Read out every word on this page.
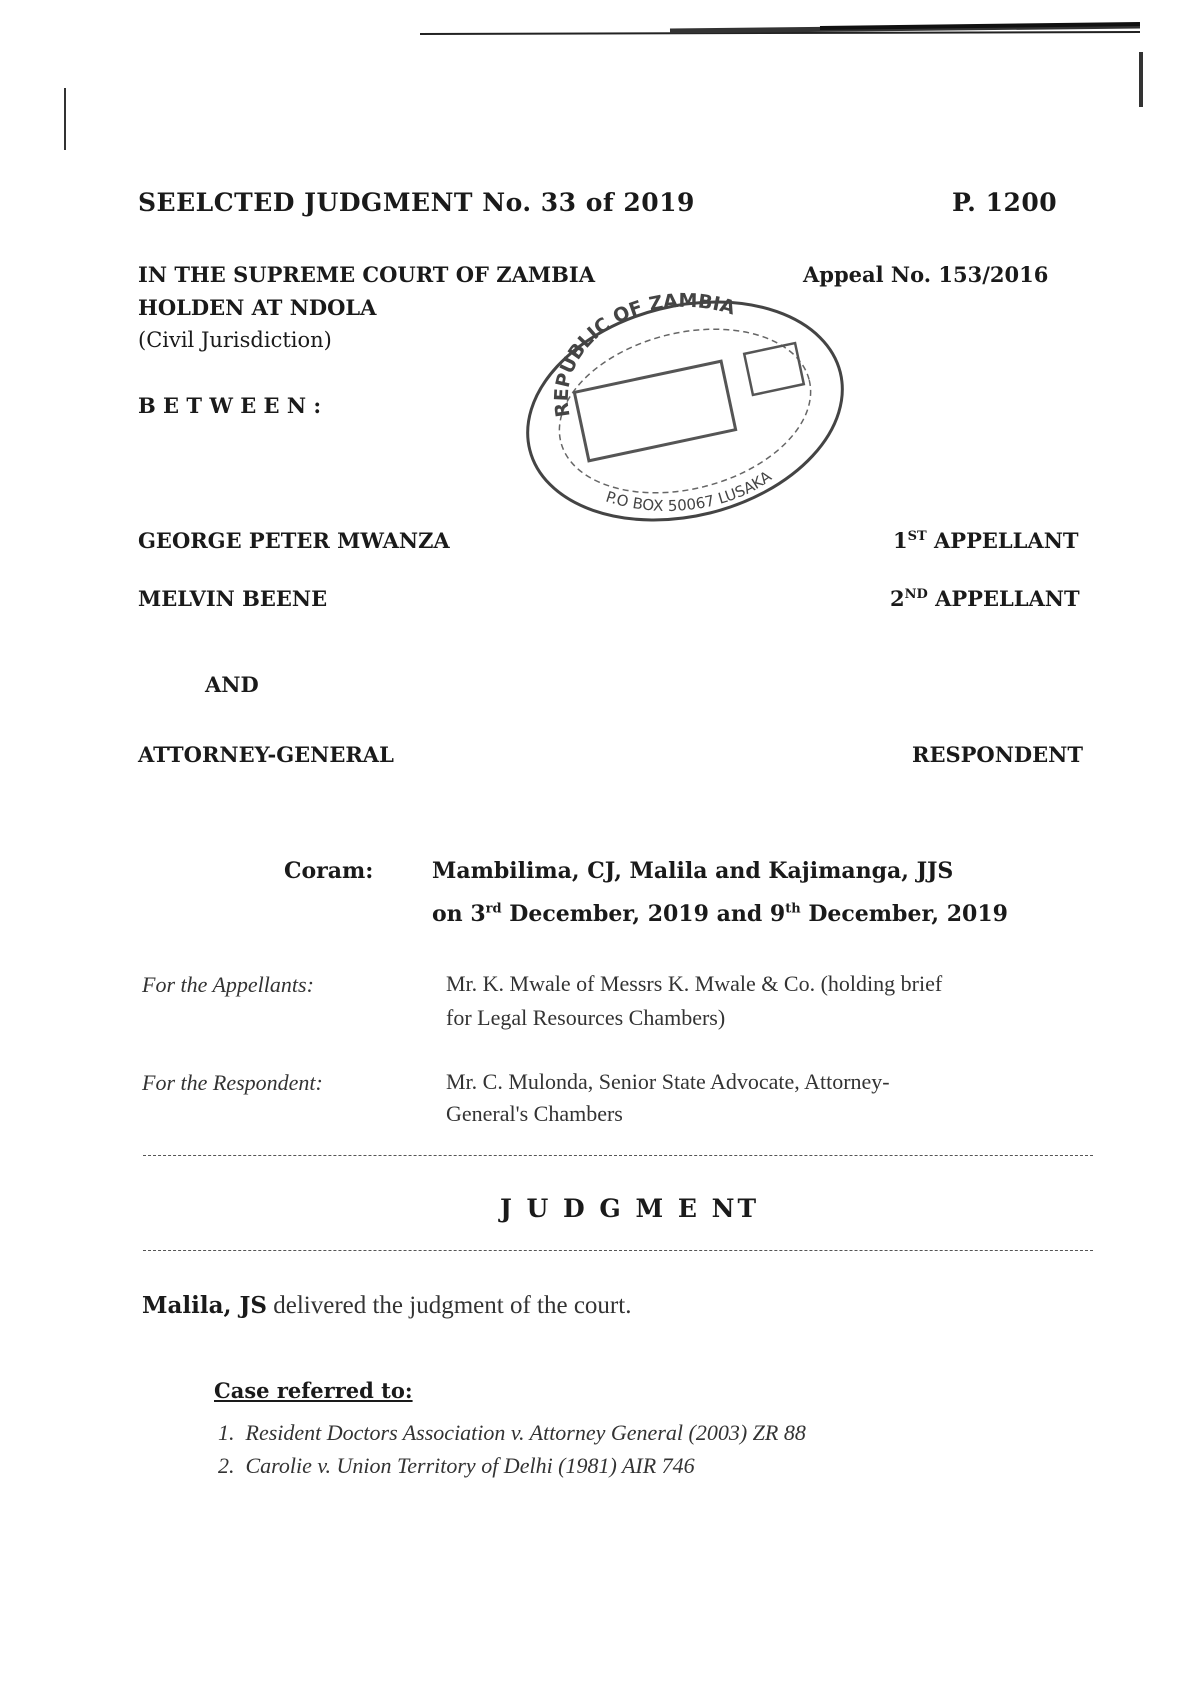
SEELCTED JUDGMENT No. 33 of 2019	P. 1200
IN THE SUPREME COURT OF ZAMBIA
HOLDEN AT NDOLA
(Civil Jurisdiction)
Appeal No. 153/2016
B E T W E E N :	REPUBLIC OF ZAMBIA
P.O BOX 50067 LUSAKA
GEORGE PETER MWANZA	1ST APPELLANT
MELVIN BEENE	2ND APPELLANT
AND
ATTORNEY-GENERAL	RESPONDENT
Coram:	Mambilima, CJ, Malila and Kajimanga, JJS
on 3rd December, 2019 and 9th December, 2019
For the Appellants:	Mr. K. Mwale of Messrs K. Mwale & Co. (holding brief
for Legal Resources Chambers)
For the Respondent:	Mr. C. Mulonda, Senior State Advocate, Attorney-
General's Chambers
J U D G M E NT
Malila, JS delivered the judgment of the court.
Case referred to:
1.  Resident Doctors Association v. Attorney General (2003) ZR 88
2.  Carolie v. Union Territory of Delhi (1981) AIR 746
